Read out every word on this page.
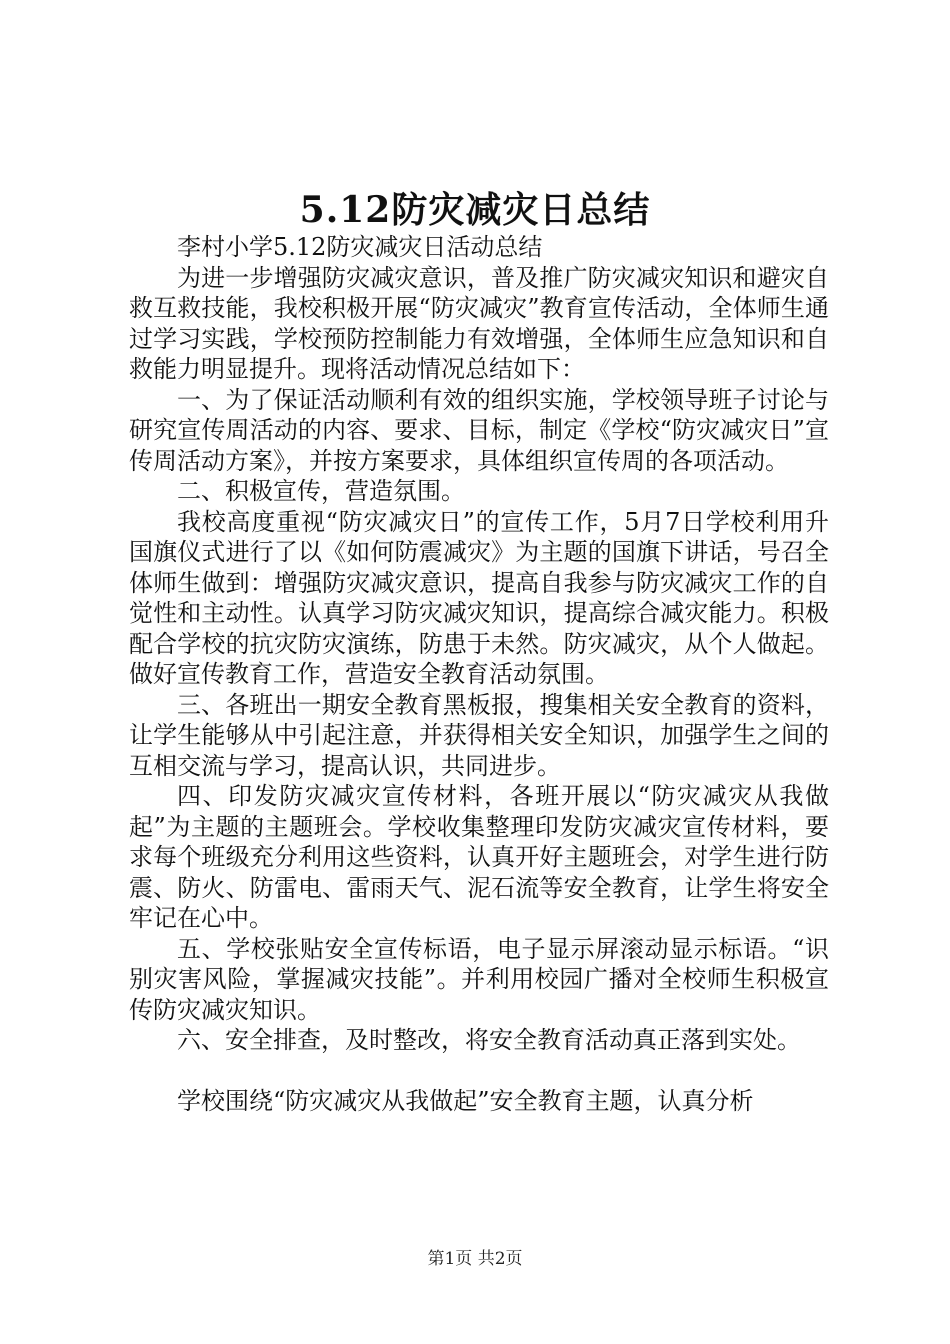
5.12防灾减灾日总结

李村小学5.12防灾减灾日活动总结

为进一步增强防灾减灾意识，普及推广防灾减灾知识和避灾自救互救技能，我校积极开展“防灾减灾”教育宣传活动，全体师生通过学习实践，学校预防控制能力有效增强，全体师生应急知识和自救能力明显提升。现将活动情况总结如下：

一、为了保证活动顺利有效的组织实施，学校领导班子讨论与研究宣传周活动的内容、要求、目标，制定《学校“防灾减灾日”宣传周活动方案》，并按方案要求，具体组织宣传周的各项活动。

二、积极宣传，营造氛围。

我校高度重视“防灾减灾日”的宣传工作，5月7日学校利用升国旗仪式进行了以《如何防震减灾》为主题的国旗下讲话，号召全体师生做到：增强防灾减灾意识，提高自我参与防灾减灾工作的自觉性和主动性。认真学习防灾减灾知识，提高综合减灾能力。积极配合学校的抗灾防灾演练，防患于未然。防灾减灾，从个人做起。做好宣传教育工作，营造安全教育活动氛围。

三、各班出一期安全教育黑板报，搜集相关安全教育的资料，让学生能够从中引起注意，并获得相关安全知识，加强学生之间的互相交流与学习，提高认识，共同进步。

四、印发防灾减灾宣传材料，各班开展以“防灾减灾从我做起”为主题的主题班会。学校收集整理印发防灾减灾宣传材料，要求每个班级充分利用这些资料，认真开好主题班会，对学生进行防震、防火、防雷电、雷雨天气、泥石流等安全教育，让学生将安全牢记在心中。

五、学校张贴安全宣传标语，电子显示屏滚动显示标语。“识别灾害风险，掌握减灾技能”。并利用校园广播对全校师生积极宣传防灾减灾知识。

六、安全排查，及时整改，将安全教育活动真正落到实处。

学校围绕“防灾减灾从我做起”安全教育主题，认真分析

第1页 共2页
